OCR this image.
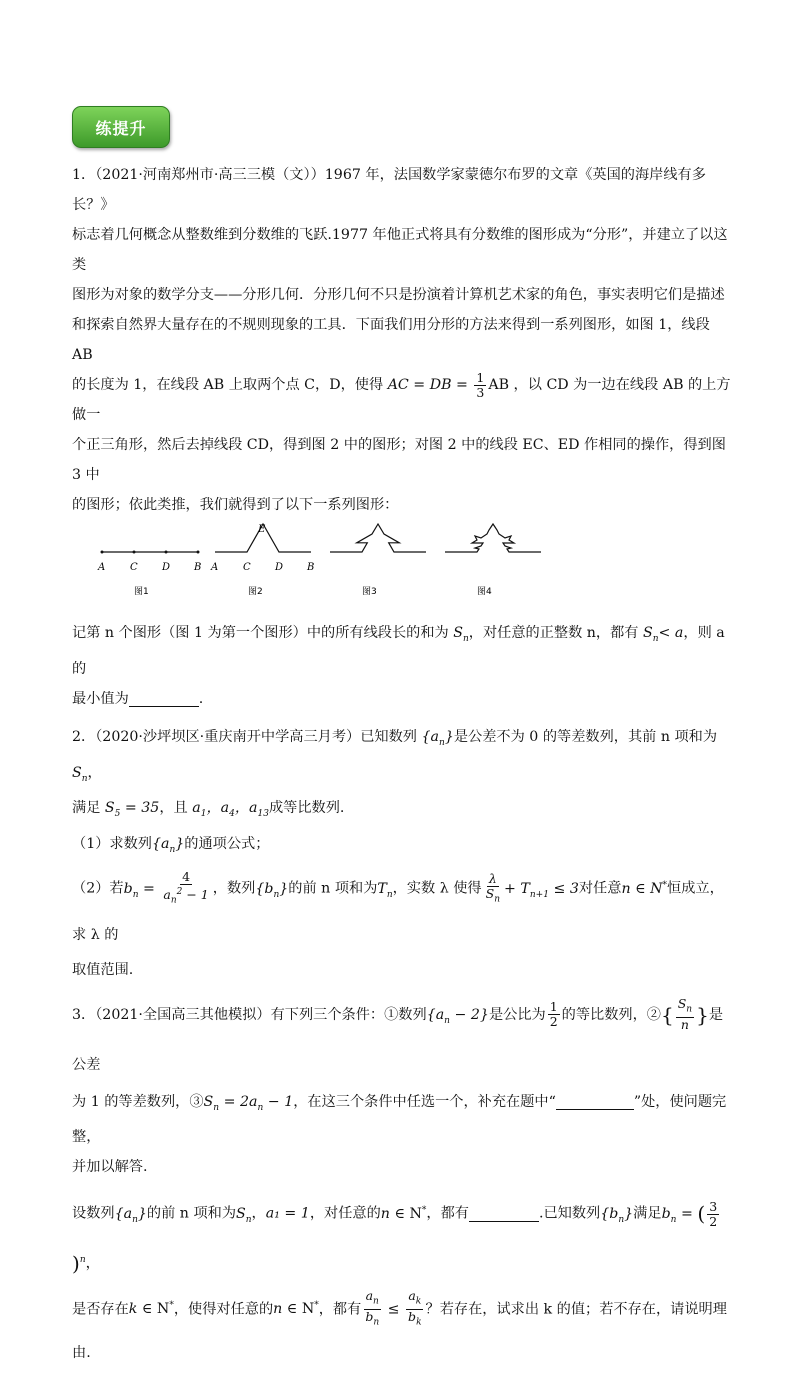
练提升

1．（2021·河南郑州市·高三三模（文））1967 年，法国数学家蒙德尔布罗的文章《英国的海岸线有多长？》

标志着几何概念从整数维到分数维的飞跃.1977 年他正式将具有分数维的图形成为“分形”，并建立了以这类

图形为对象的数学分支——分形几何．分形几何不只是扮演着计算机艺术家的角色，事实表明它们是描述

和探索自然界大量存在的不规则现象的工具．下面我们用分形的方法来得到一系列图形，如图 1，线段 AB

的长度为 1，在线段 AB 上取两个点 C，D，使得 AC = DB = $\frac{1}{3}$ AB ，以 CD 为一边在线段 AB 的上方做一

个正三角形，然后去掉线段 CD，得到图 2 中的图形；对图 2 中的线段 EC、ED 作相同的操作，得到图 3 中

的图形；依此类推，我们就得到了以下一系列图形：

A C D B
图1
A C D B
E
图2	图3	图4

记第 n 个图形（图 1 为第一个图形）中的所有线段长的和为 $S_n$，对任意的正整数 n，都有 $S_n< a$，则 a 的

最小值为	.

2．（2020·沙坪坝区·重庆南开中学高三月考）已知数列 $\{a_n\}$是公差不为 0 的等差数列，其前 n 项和为$S_n$，

满足 $S_5 = 35$，且 $a_1$，$a_4$，$a_{13}$成等比数列.

（1）求数列$\{a_n\}$的通项公式；

（2）若$b_n = \frac{4}{a_n^2 - 1}$ ，数列$\{b_n\}$的前 n 项和为$T_n$，实数 λ 使得 $\frac{\lambda}{S_n} + T_{n+1} \le 3$对任意n ∈ N*恒成立，求 λ 的

取值范围.

3．（2021·全国高三其他模拟）有下列三个条件：①数列$\{a_n - 2\}$是公比为 $\frac{1}{2}$ 的等比数列，②{ $\frac{S_n}{n}$ }是公差

为 1 的等差数列，$③S_n = 2a_n - 1$，在这三个条件中任选一个，补充在题中“	”处，使问题完整，

并加以解答.

设数列$\{a_n\}$的前 n 项和为$S_n$，a₁ = 1，对任意的n ∈ N*，都有	.已知数列$\{b_n\}$满足$b_n$ = ( $\frac{3}{2}$
)$^n$，

是否存在k ∈ N*，使得对任意的n ∈ N*，都有 $\frac{a_n}{b_n} \le \frac{a_k}{b_k}$ ？若存在，试求出 k 的值；若不存在，请说明理由.
